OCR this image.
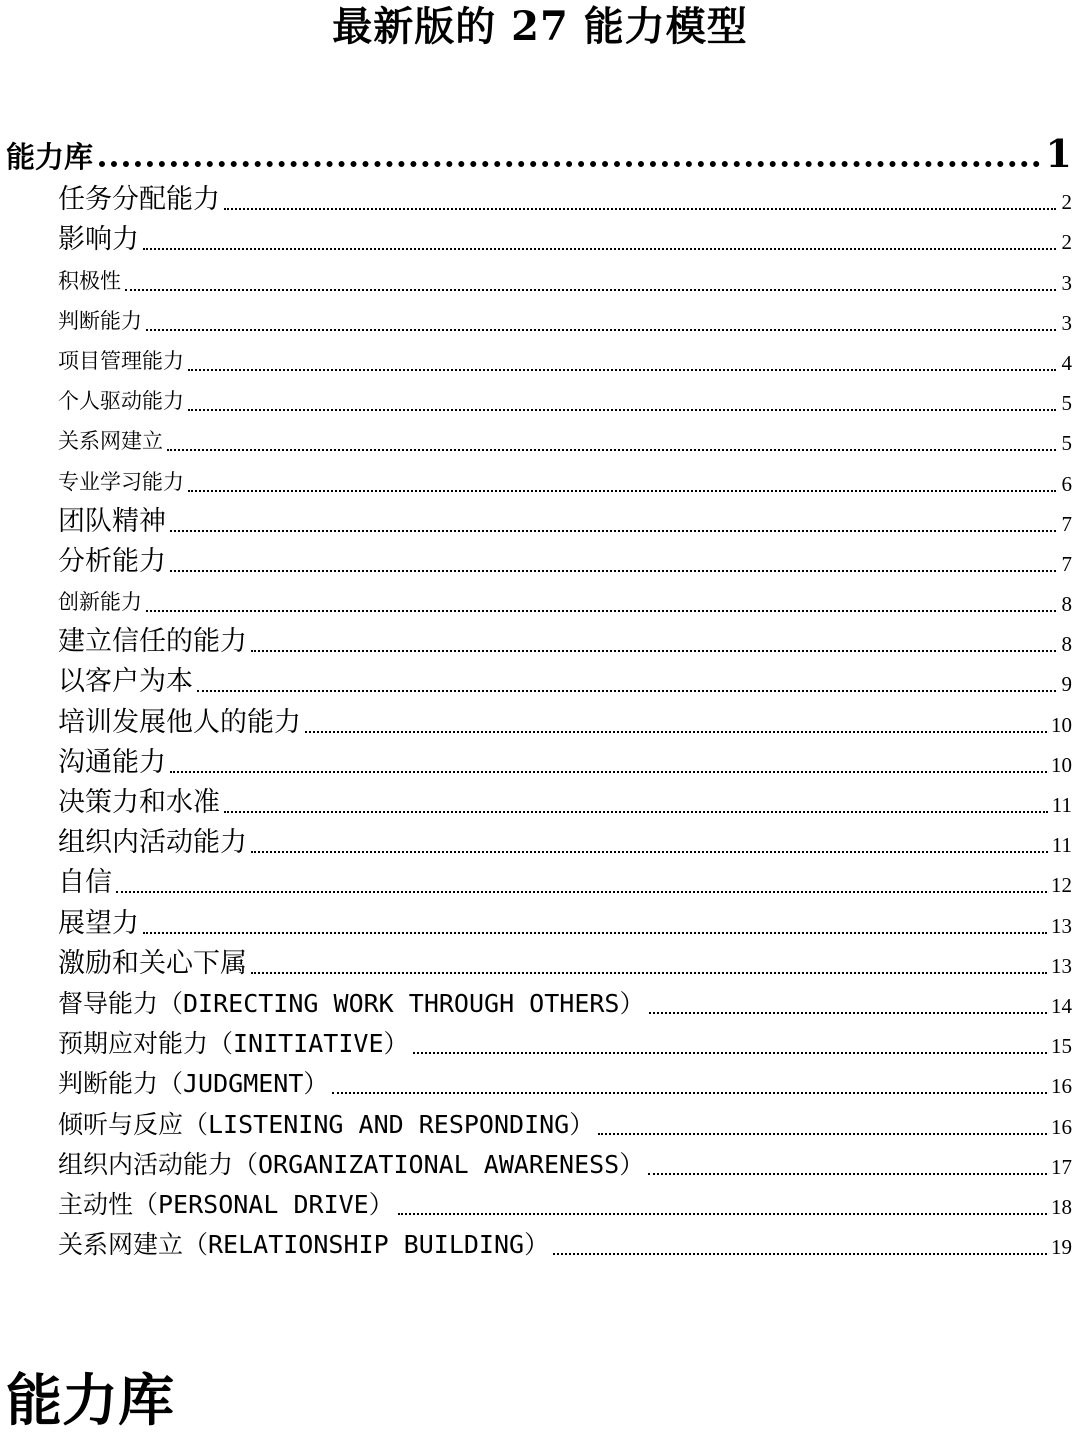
最新版的 27 能力模型
能力库	1
任务分配能力	2
影响力	2
积极性	3
判断能力	3
项目管理能力	4
个人驱动能力	5
关系网建立	5
专业学习能力	6
团队精神	7
分析能力	7
创新能力	8
建立信任的能力	8
以客户为本	9
培训发展他人的能力	10
沟通能力	10
决策力和水准	11
组织内活动能力	11
自信	12
展望力	13
激励和关心下属	13
督导能力（DIRECTING WORK THROUGH OTHERS）	14
预期应对能力（INITIATIVE）	15
判断能力（JUDGMENT）	16
倾听与反应（LISTENING AND RESPONDING）	16
组织内活动能力（ORGANIZATIONAL AWARENESS）	17
主动性（PERSONAL DRIVE）	18
关系网建立（RELATIONSHIP BUILDING）	19
能力库
